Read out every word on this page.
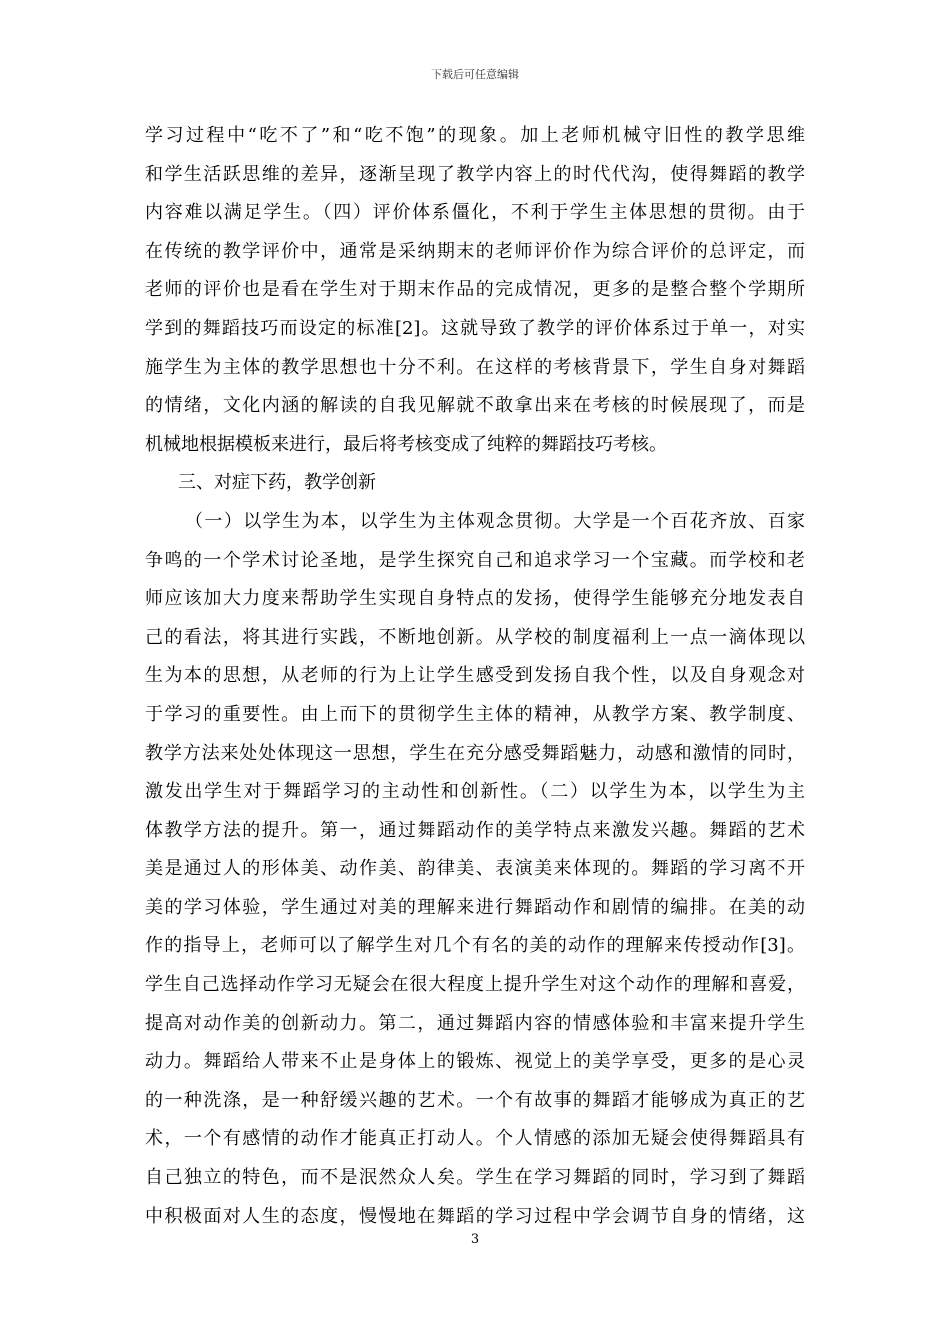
下载后可任意编辑
学习过程中“吃不了”和“吃不饱”的现象。加上老师机械守旧性的教学思维
和学生活跃思维的差异，逐渐呈现了教学内容上的时代代沟，使得舞蹈的教学
内容难以满足学生。（四）评价体系僵化，不利于学生主体思想的贯彻。由于
在传统的教学评价中，通常是采纳期末的老师评价作为综合评价的总评定，而
老师的评价也是看在学生对于期末作品的完成情况，更多的是整合整个学期所
学到的舞蹈技巧而设定的标准[2]。这就导致了教学的评价体系过于单一，对实
施学生为主体的教学思想也十分不利。在这样的考核背景下，学生自身对舞蹈
的情绪，文化内涵的解读的自我见解就不敢拿出来在考核的时候展现了，而是
机械地根据模板来进行，最后将考核变成了纯粹的舞蹈技巧考核。
三、对症下药，教学创新
（一）以学生为本，以学生为主体观念贯彻。大学是一个百花齐放、百家
争鸣的一个学术讨论圣地，是学生探究自己和追求学习一个宝藏。而学校和老
师应该加大力度来帮助学生实现自身特点的发扬，使得学生能够充分地发表自
己的看法，将其进行实践，不断地创新。从学校的制度福利上一点一滴体现以
生为本的思想，从老师的行为上让学生感受到发扬自我个性，以及自身观念对
于学习的重要性。由上而下的贯彻学生主体的精神，从教学方案、教学制度、
教学方法来处处体现这一思想，学生在充分感受舞蹈魅力，动感和激情的同时，
激发出学生对于舞蹈学习的主动性和创新性。（二）以学生为本，以学生为主
体教学方法的提升。第一，通过舞蹈动作的美学特点来激发兴趣。舞蹈的艺术
美是通过人的形体美、动作美、韵律美、表演美来体现的。舞蹈的学习离不开
美的学习体验，学生通过对美的理解来进行舞蹈动作和剧情的编排。在美的动
作的指导上，老师可以了解学生对几个有名的美的动作的理解来传授动作[3]。
学生自己选择动作学习无疑会在很大程度上提升学生对这个动作的理解和喜爱，
提高对动作美的创新动力。第二，通过舞蹈内容的情感体验和丰富来提升学生
动力。舞蹈给人带来不止是身体上的锻炼、视觉上的美学享受，更多的是心灵
的一种洗涤，是一种舒缓兴趣的艺术。一个有故事的舞蹈才能够成为真正的艺
术，一个有感情的动作才能真正打动人。个人情感的添加无疑会使得舞蹈具有
自己独立的特色，而不是泯然众人矣。学生在学习舞蹈的同时，学习到了舞蹈
中积极面对人生的态度，慢慢地在舞蹈的学习过程中学会调节自身的情绪，这
3
